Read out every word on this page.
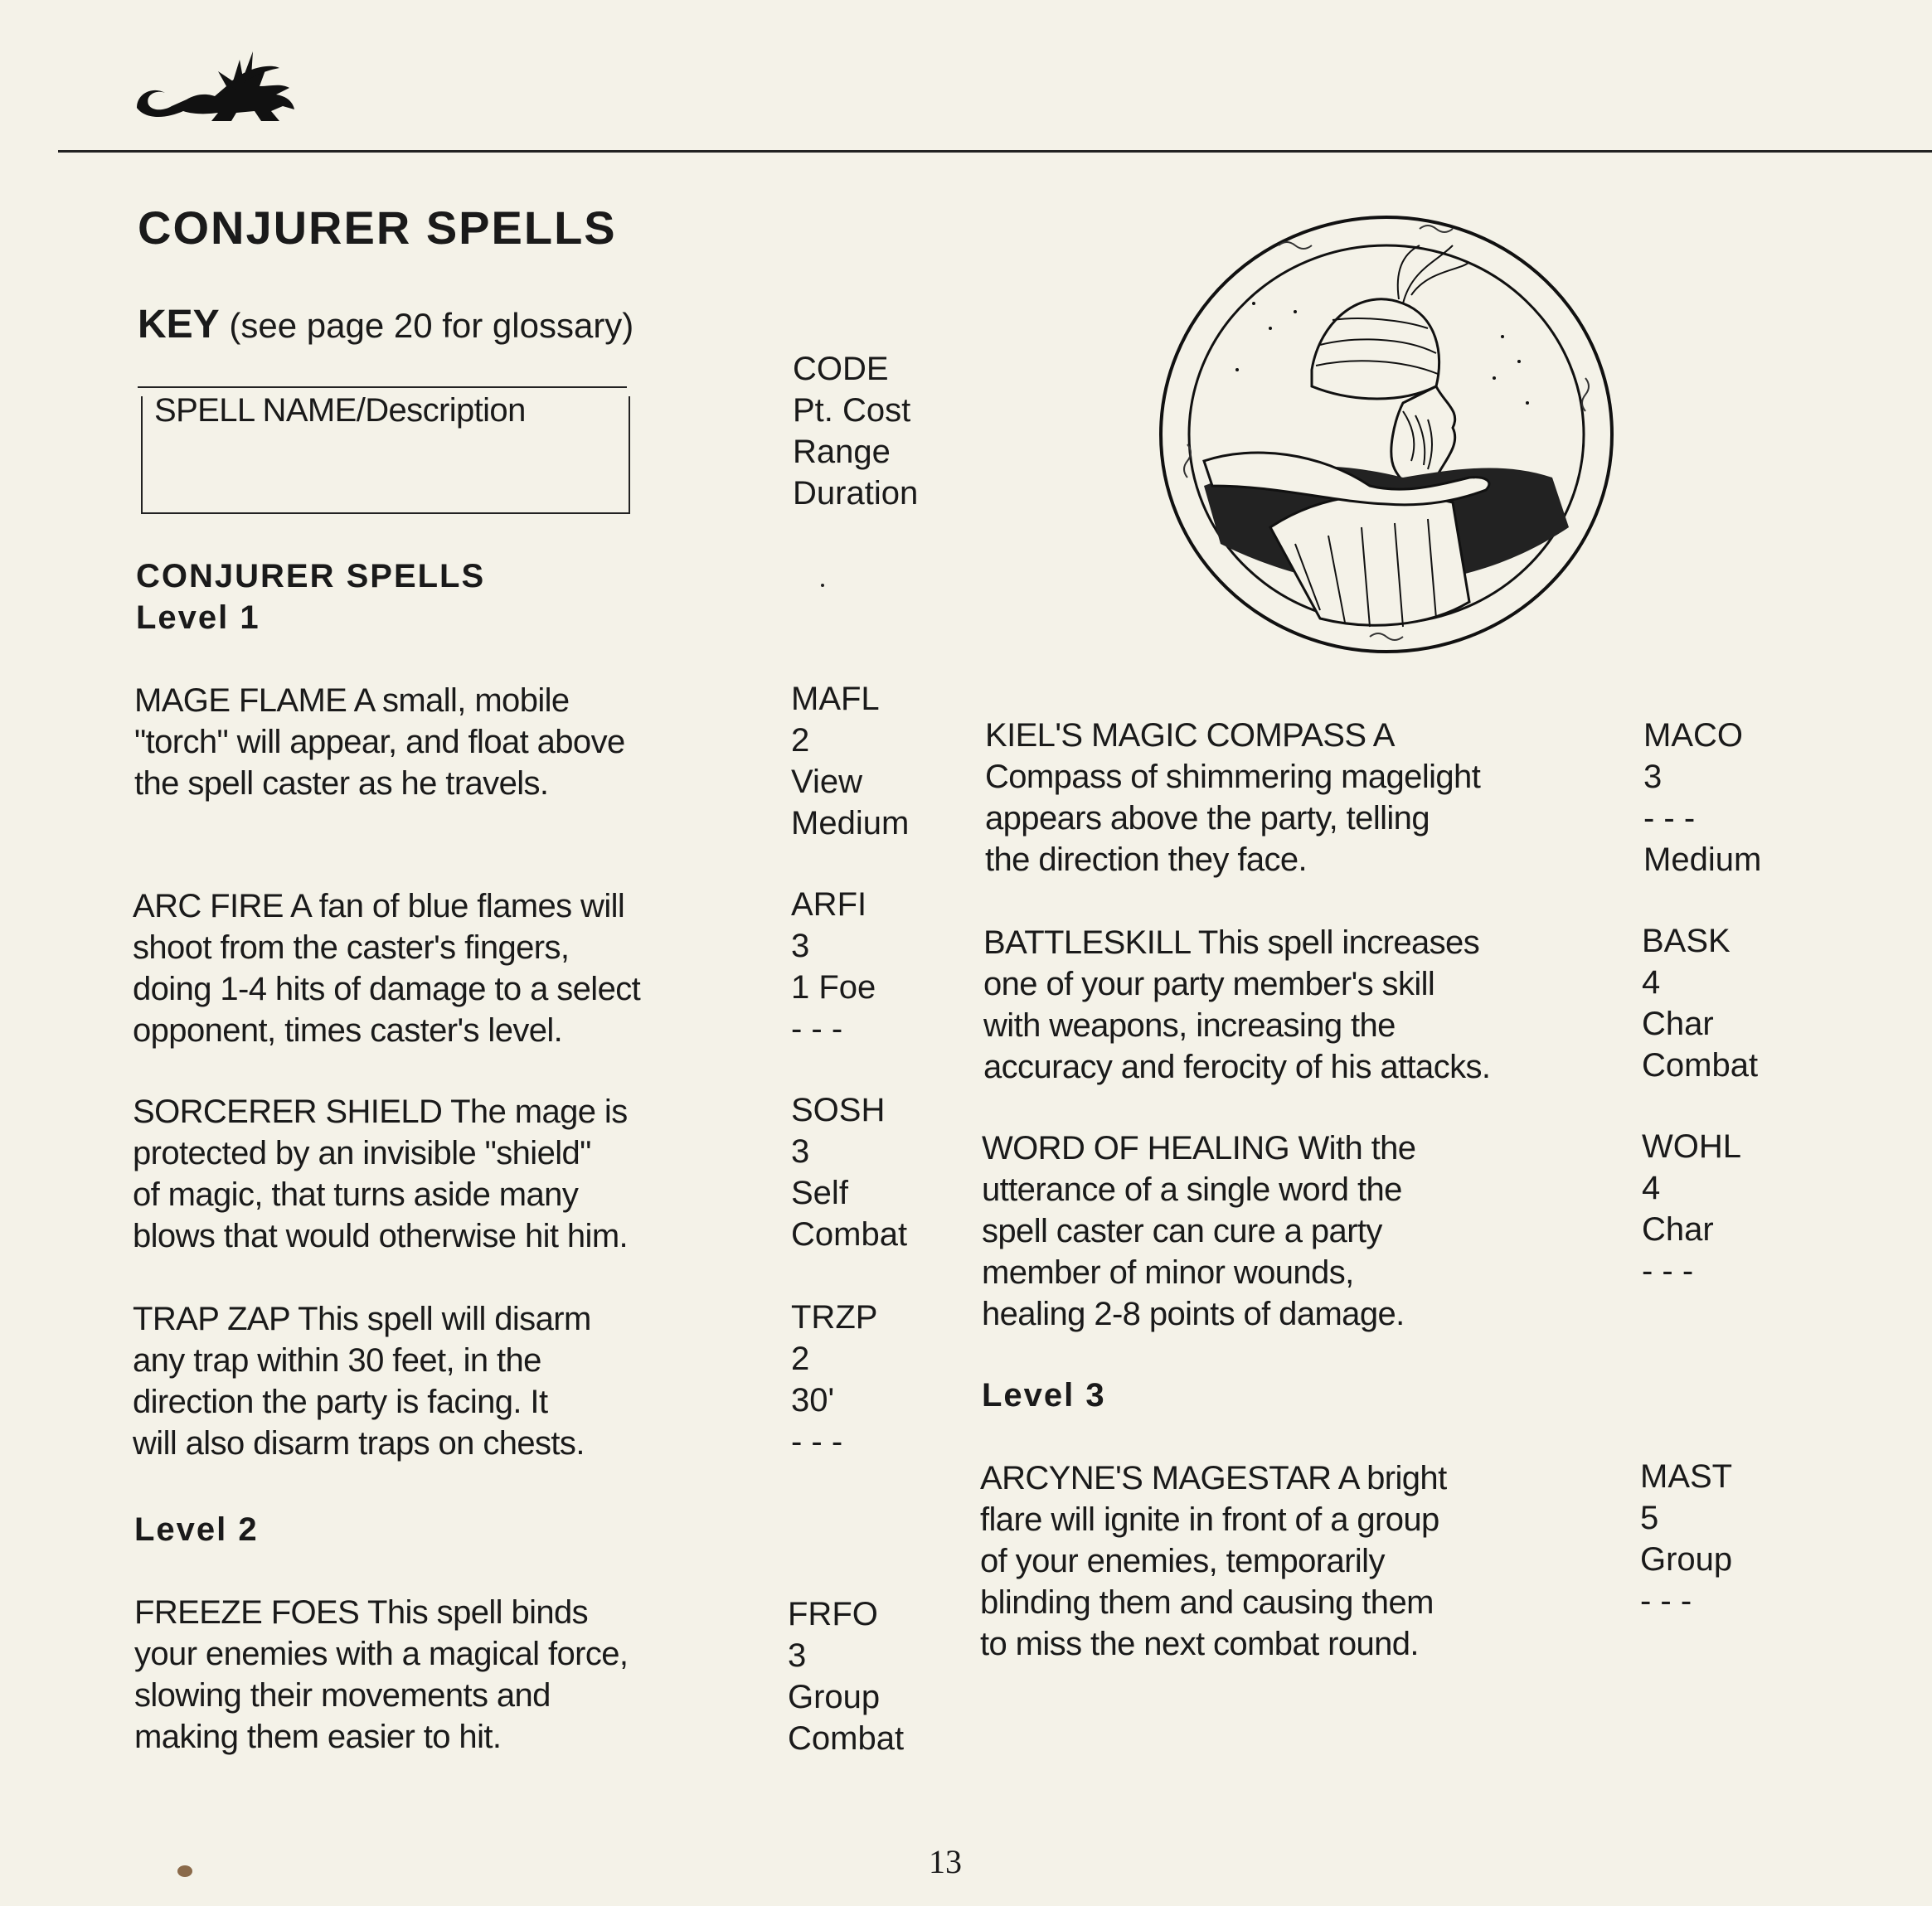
CONJURER SPELLS
KEY (see page 20 for glossary)
SPELL NAME/Description
CODE
Pt. Cost
Range
Duration
CONJURER SPELLS
Level 1
MAGE FLAME A small, mobile
"torch" will appear, and float above
the spell caster as he travels.
MAFL
2
View
Medium
ARC FIRE A fan of blue flames will
shoot from the caster's fingers,
doing 1-4 hits of damage to a select
opponent, times caster's level.
ARFI
3
1 Foe
- - -
SORCERER SHIELD The mage is
protected by an invisible "shield"
of magic, that turns aside many
blows that would otherwise hit him.
SOSH
3
Self
Combat
TRAP ZAP This spell will disarm
any trap within 30 feet, in the
direction the party is facing. It
will also disarm traps on chests.
TRZP
2
30'
- - -
Level 2
FREEZE FOES This spell binds
your enemies with a magical force,
slowing their movements and
making them easier to hit.
FRFO
3
Group
Combat
KIEL'S MAGIC COMPASS A
Compass of shimmering magelight
appears above the party, telling
the direction they face.
MACO
3
- - -
Medium
BATTLESKILL This spell increases
one of your party member's skill
with weapons, increasing the
accuracy and ferocity of his attacks.
BASK
4
Char
Combat
WORD OF HEALING With the
utterance of a single word the
spell caster can cure a party
member of minor wounds,
healing 2-8 points of damage.
WOHL
4
Char
- - -
Level 3
ARCYNE'S MAGESTAR A bright
flare will ignite in front of a group
of your enemies, temporarily
blinding them and causing them
to miss the next combat round.
MAST
5
Group
- - -
13
